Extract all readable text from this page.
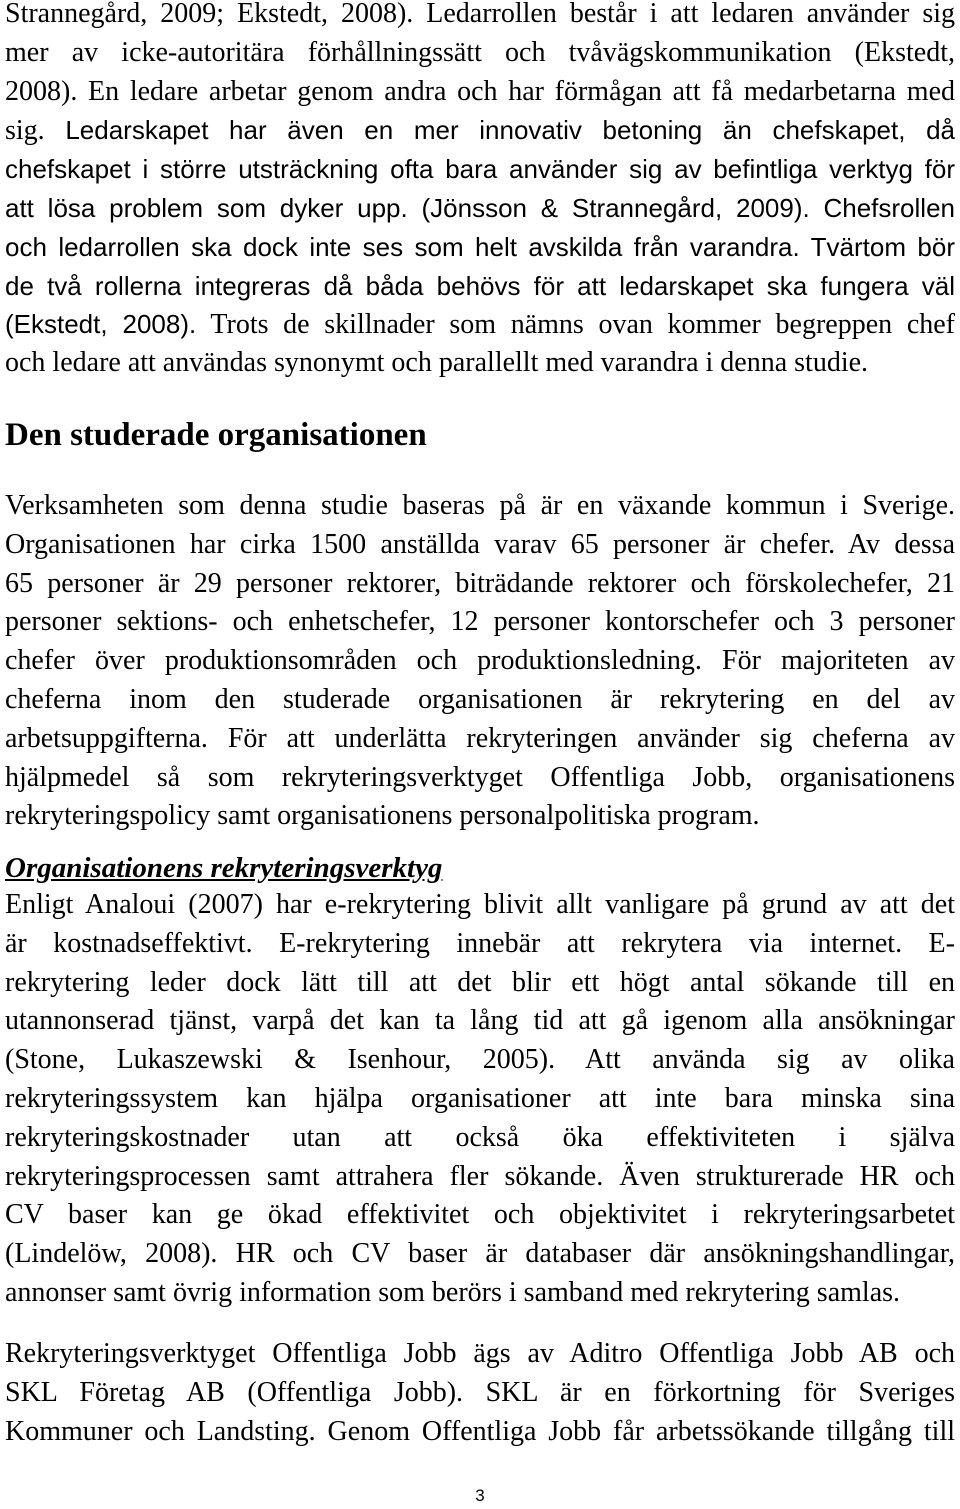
Strannegård, 2009; Ekstedt, 2008). Ledarrollen består i att ledaren använder sig
mer av icke-autoritära förhållningssätt och tvåvägskommunikation (Ekstedt,
2008). En ledare arbetar genom andra och har förmågan att få medarbetarna med
sig. Ledarskapet har även en mer innovativ betoning än chefskapet, då
chefskapet i större utsträckning ofta bara använder sig av befintliga verktyg för
att lösa problem som dyker upp. (Jönsson & Strannegård, 2009). Chefsrollen
och ledarrollen ska dock inte ses som helt avskilda från varandra. Tvärtom bör
de två rollerna integreras då båda behövs för att ledarskapet ska fungera väl
(Ekstedt, 2008). Trots de skillnader som nämns ovan kommer begreppen chef
och ledare att användas synonymt och parallellt med varandra i denna studie.
Den studerade organisationen
Verksamheten som denna studie baseras på är en växande kommun i Sverige.
Organisationen har cirka 1500 anställda varav 65 personer är chefer. Av dessa
65 personer är 29 personer rektorer, biträdande rektorer och förskolechefer, 21
personer sektions- och enhetschefer, 12 personer kontorschefer och 3 personer
chefer över produktionsområden och produktionsledning. För majoriteten av
cheferna inom den studerade organisationen är rekrytering en del av
arbetsuppgifterna. För att underlätta rekryteringen använder sig cheferna av
hjälpmedel så som rekryteringsverktyget Offentliga Jobb, organisationens
rekryteringspolicy samt organisationens personalpolitiska program.
Organisationens rekryteringsverktyg
Enligt Analoui (2007) har e-rekrytering blivit allt vanligare på grund av att det
är kostnadseffektivt. E-rekrytering innebär att rekrytera via internet. E-
rekrytering leder dock lätt till att det blir ett högt antal sökande till en
utannonserad tjänst, varpå det kan ta lång tid att gå igenom alla ansökningar
(Stone, Lukaszewski & Isenhour, 2005). Att använda sig av olika
rekryteringssystem kan hjälpa organisationer att inte bara minska sina
rekryteringskostnader utan att också öka effektiviteten i själva
rekryteringsprocessen samt attrahera fler sökande. Även strukturerade HR och
CV baser kan ge ökad effektivitet och objektivitet i rekryteringsarbetet
(Lindelöw, 2008). HR och CV baser är databaser där ansökningshandlingar,
annonser samt övrig information som berörs i samband med rekrytering samlas.
Rekryteringsverktyget Offentliga Jobb ägs av Aditro Offentliga Jobb AB och
SKL Företag AB (Offentliga Jobb). SKL är en förkortning för Sveriges
Kommuner och Landsting. Genom Offentliga Jobb får arbetssökande tillgång till
3
